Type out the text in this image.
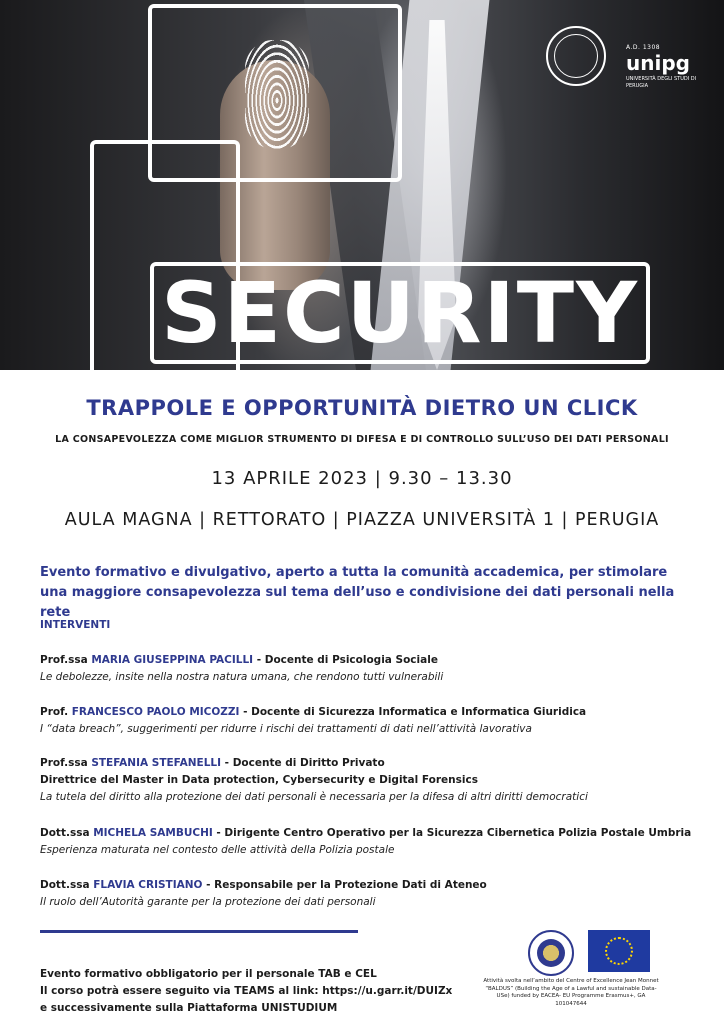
SECURITY
A.D. 1308
unipg
UNIVERSITÀ DEGLI STUDI DI PERUGIA
TRAPPOLE E OPPORTUNITÀ DIETRO UN CLICK
LA CONSAPEVOLEZZA COME MIGLIOR STRUMENTO DI DIFESA E DI CONTROLLO SULL’USO DEI DATI PERSONALI
13 APRILE 2023 | 9.30 – 13.30
AULA MAGNA | RETTORATO | PIAZZA UNIVERSITÀ 1 | PERUGIA
Evento formativo e divulgativo, aperto a tutta la comunità accademica, per stimolare
una maggiore consapevolezza sul tema dell’uso e condivisione dei dati personali nella rete
INTERVENTI
Prof.ssa MARIA GIUSEPPINA PACILLI - Docente di Psicologia Sociale
Le debolezze, insite nella nostra natura umana, che rendono tutti vulnerabili
Prof. FRANCESCO PAOLO MICOZZI - Docente di Sicurezza Informatica e Informatica Giuridica
I “data breach”, suggerimenti per ridurre i rischi dei trattamenti di dati nell’attività lavorativa
Prof.ssa STEFANIA STEFANELLI - Docente di Diritto Privato
Direttrice del Master in Data protection, Cybersecurity e Digital Forensics
La tutela del diritto alla protezione dei dati personali è necessaria per la difesa di altri diritti democratici
Dott.ssa MICHELA SAMBUCHI - Dirigente Centro Operativo per la Sicurezza Cibernetica Polizia Postale Umbria
Esperienza maturata nel contesto delle attività della Polizia postale
Dott.ssa FLAVIA CRISTIANO - Responsabile per la Protezione Dati di Ateneo
Il ruolo dell’Autorità garante per la protezione dei dati personali
Evento formativo obbligatorio per il personale TAB e CEL
Il corso potrà essere seguito via TEAMS al link: https://u.garr.it/DUIZx
e successivamente sulla Piattaforma UNISTUDIUM
Attività svolta nell’ambito del Centre of Excellence Jean Monnet “BALDUS” (Building the Age of a Lawful and sustainable Data-USe) funded by EACEA- EU Programme Erasmus+, GA 101047644
